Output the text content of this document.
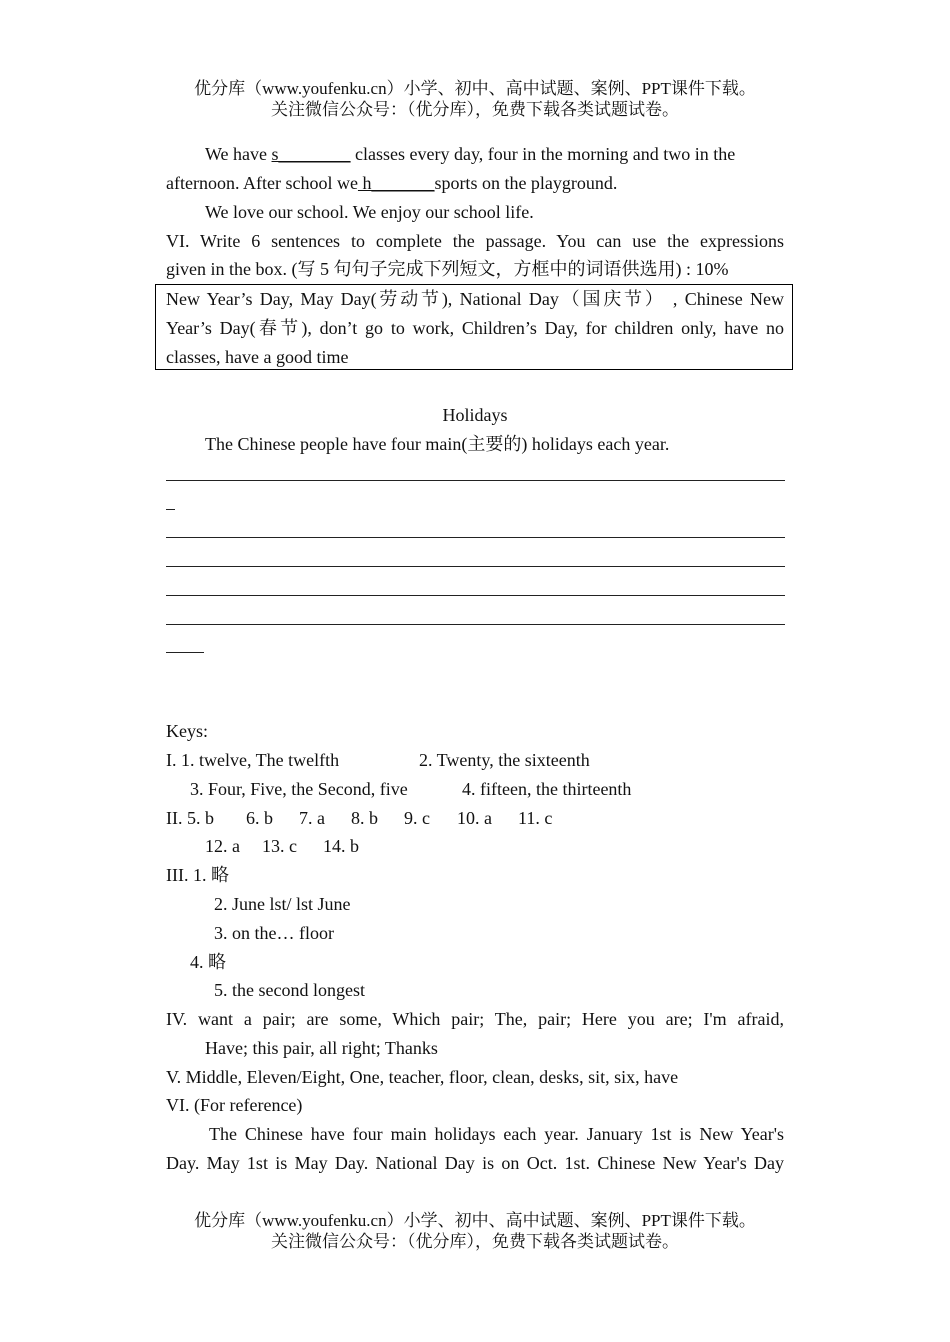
优分库（www.youfenku.cn）小学、初中、高中试题、案例、PPT课件下载。
关注微信公众号：（优分库），免费下载各类试题试卷。
We have s________ classes every day, four in the morning and two in the
afternoon. After school we h_______sports on the playground.
We love our school. We enjoy our school life.
VI. Write 6 sentences to complete the passage. You can use the expressions
given in the box. (写 5 句句子完成下列短文，方框中的词语供选用) : 10%
New Year’s Day, May Day(劳动节), National Day（国庆节） , Chinese New
Year’s Day(春节), don’t go to work, Children’s Day, for children only, have no
classes, have a good time
Holidays
The Chinese people have four main(主要的) holidays each year.
Keys:
I. 1. twelve, The twelfth	2. Twenty, the sixteenth
3. Four, Five, the Second, five	4. fifteen, the thirteenth
II. 5. b 6. b 7. a 8. b 9. c 10. a 11. c
12. a 13. c 14. b
III. 1. 略
2. June lst/ lst June
3. on the… floor
4. 略
5. the second longest
IV. want a pair; are some, Which pair; The, pair; Here you are; I'm afraid,
Have; this pair, all right; Thanks
V. Middle, Eleven/Eight, One, teacher, floor, clean, desks, sit, six, have
VI. (For reference)
The Chinese have four main holidays each year. January 1st is New Year's
Day. May 1st is May Day. National Day is on Oct. 1st. Chinese New Year's Day
优分库（www.youfenku.cn）小学、初中、高中试题、案例、PPT课件下载。
关注微信公众号：（优分库），免费下载各类试题试卷。
